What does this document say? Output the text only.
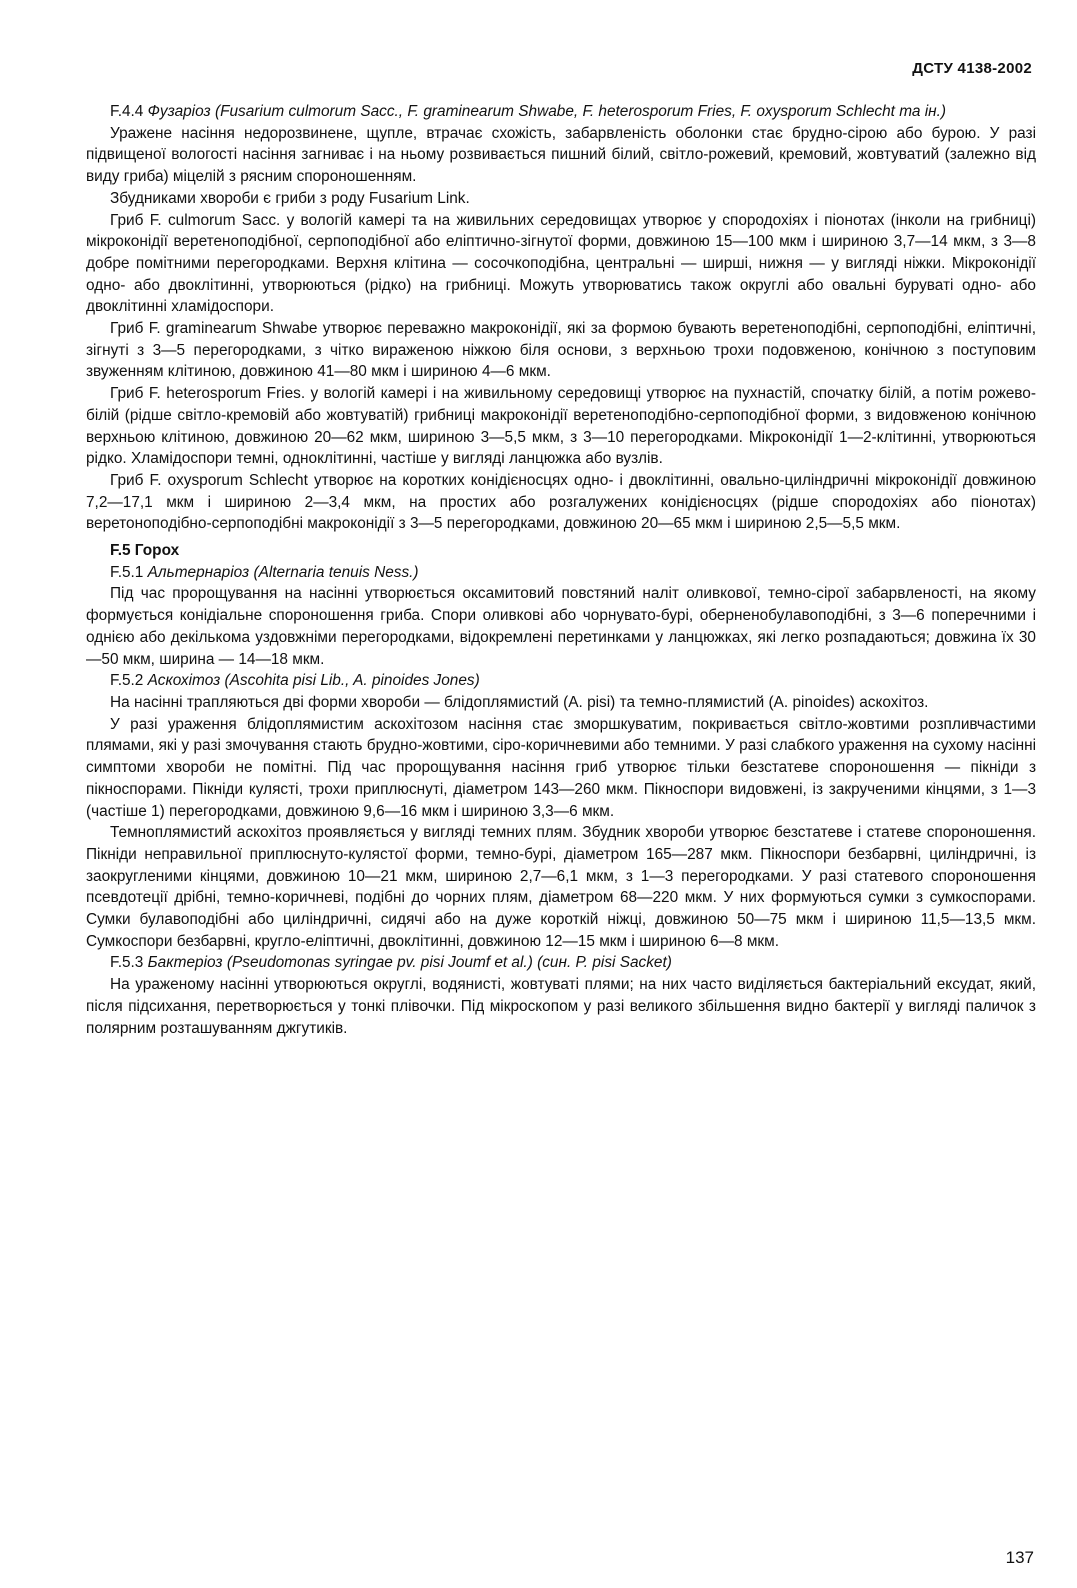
ДСТУ 4138-2002
F.4.4 Фузаріоз (Fusarium culmorum Sacc., F. graminearum Shwabe, F. heterosporum Fries, F. oxysporum Schlecht та ін.)

Уражене насіння недорозвинене, щупле, втрачає схожість, забарвленість оболонки стає брудно-сірою або бурою. У разі підвищеної вологості насіння загниває і на ньому розвивається пишний білий, світло-рожевий, кремовий, жовтуватий (залежно від виду гриба) міцелій з рясним спороношенням.

Збудниками хвороби є гриби з роду Fusarium Link.

Гриб F. culmorum Sacc. у вологій камері та на живильних середовищах утворює у спородохіях і піонотах (інколи на грибниці) мікроконідії веретеноподібної, серпоподібної або еліптично-зігнутої форми, довжиною 15—100 мкм і шириною 3,7—14 мкм, з 3—8 добре помітними перегородками. Верхня клітина — сосочкоподібна, центральні — ширші, нижня — у вигляді ніжки. Мікроконідії одно- або двоклітинні, утворюються (рідко) на грибниці. Можуть утворюватись також округлі або овальні буруваті одно- або двоклітинні хламідоспори.

Гриб F. graminearum Shwabe утворює переважно макроконідії, які за формою бувають веретеноподібні, серпоподібні, еліптичні, зігнуті з 3—5 перегородками, з чітко вираженою ніжкою біля основи, з верхньою трохи подовженою, конічною з поступовим звуженням клітиною, довжиною 41—80 мкм і шириною 4—6 мкм.

Гриб F. heterosporum Fries. у вологій камері і на живильному середовищі утворює на пухнастій, спочатку білій, а потім рожево-білій (рідше світло-кремовій або жовтуватій) грибниці макроконідії веретеноподібно-серпоподібної форми, з видовженою конічною верхньою клітиною, довжиною 20—62 мкм, шириною 3—5,5 мкм, з 3—10 перегородками. Мікроконідії 1—2-клітинні, утворюються рідко. Хламідоспори темні, одноклітинні, частіше у вигляді ланцюжка або вузлів.

Гриб F. oxysporum Schlecht утворює на коротких конідієносцях одно- і двоклітинні, овально-циліндричні мікроконідії довжиною 7,2—17,1 мкм і шириною 2—3,4 мкм, на простих або розгалужених конідієносцях (рідше спородохіях або піонотах) веретоноподібно-серпоподібні макроконідії з 3—5 перегородками, довжиною 20—65 мкм і шириною 2,5—5,5 мкм.

F.5 Горох
F.5.1 Альтернаріоз (Alternaria tenuis Ness.)

Під час пророщування на насінні утворюється оксамитовий повстяний наліт оливкової, темно-сірої забарвленості, на якому формується конідіальне спороношення гриба. Спори оливкові або чорнувато-бурі, оберненобулавоподібні, з 3—6 поперечними і однією або декількома уздовжніми перегородками, відокремлені перетинками у ланцюжках, які легко розпадаються; довжина їх 30—50 мкм, ширина — 14—18 мкм.

F.5.2 Аскохітоз (Ascohita pisi Lib., A. pinoides Jones)

На насінні трапляються дві форми хвороби — блідоплямистий (A. pisi) та темно-плямистий (A. pinoides) аскохітоз.

У разі ураження блідоплямистим аскохітозом насіння стає зморшкуватим, покривається світло-жовтими розпливчастими плямами, які у разі змочування стають брудно-жовтими, сіро-коричневими або темними. У разі слабкого ураження на сухому насінні симптоми хвороби не помітні. Під час пророщування насіння гриб утворює тільки безстатеве спороношення — пікніди з пікноспорами. Пікніди кулясті, трохи приплюснуті, діаметром 143—260 мкм. Пікноспори видовжені, із закрученими кінцями, з 1—3 (частіше 1) перегородками, довжиною 9,6—16 мкм і шириною 3,3—6 мкм.

Темноплямистий аскохітоз проявляється у вигляді темних плям. Збудник хвороби утворює безстатеве і статеве спороношення. Пікніди неправильної приплюснуто-кулястої форми, темно-бурі, діаметром 165—287 мкм. Пікноспори безбарвні, циліндричні, із заокругленими кінцями, довжиною 10—21 мкм, шириною 2,7—6,1 мкм, з 1—3 перегородками. У разі статевого спороношення псевдотеції дрібні, темно-коричневі, подібні до чорних плям, діаметром 68—220 мкм. У них формуються сумки з сумкоспорами. Сумки булавоподібні або циліндричні, сидячі або на дуже короткій ніжці, довжиною 50—75 мкм і шириною 11,5—13,5 мкм. Сумкоспори безбарвні, кругло-еліптичні, двоклітинні, довжиною 12—15 мкм і шириною 6—8 мкм.

F.5.3 Бактеріоз (Pseudomonas syringae pv. pisi Joumf et al.) (син. P. pisi Sacket)

На ураженому насінні утворюються округлі, водянисті, жовтуваті плями; на них часто виділяється бактеріальний ексудат, який, після підсихання, перетворюється у тонкі плівочки. Під мікроскопом у разі великого збільшення видно бактерії у вигляді паличок з полярним розташуванням джгутиків.

137
